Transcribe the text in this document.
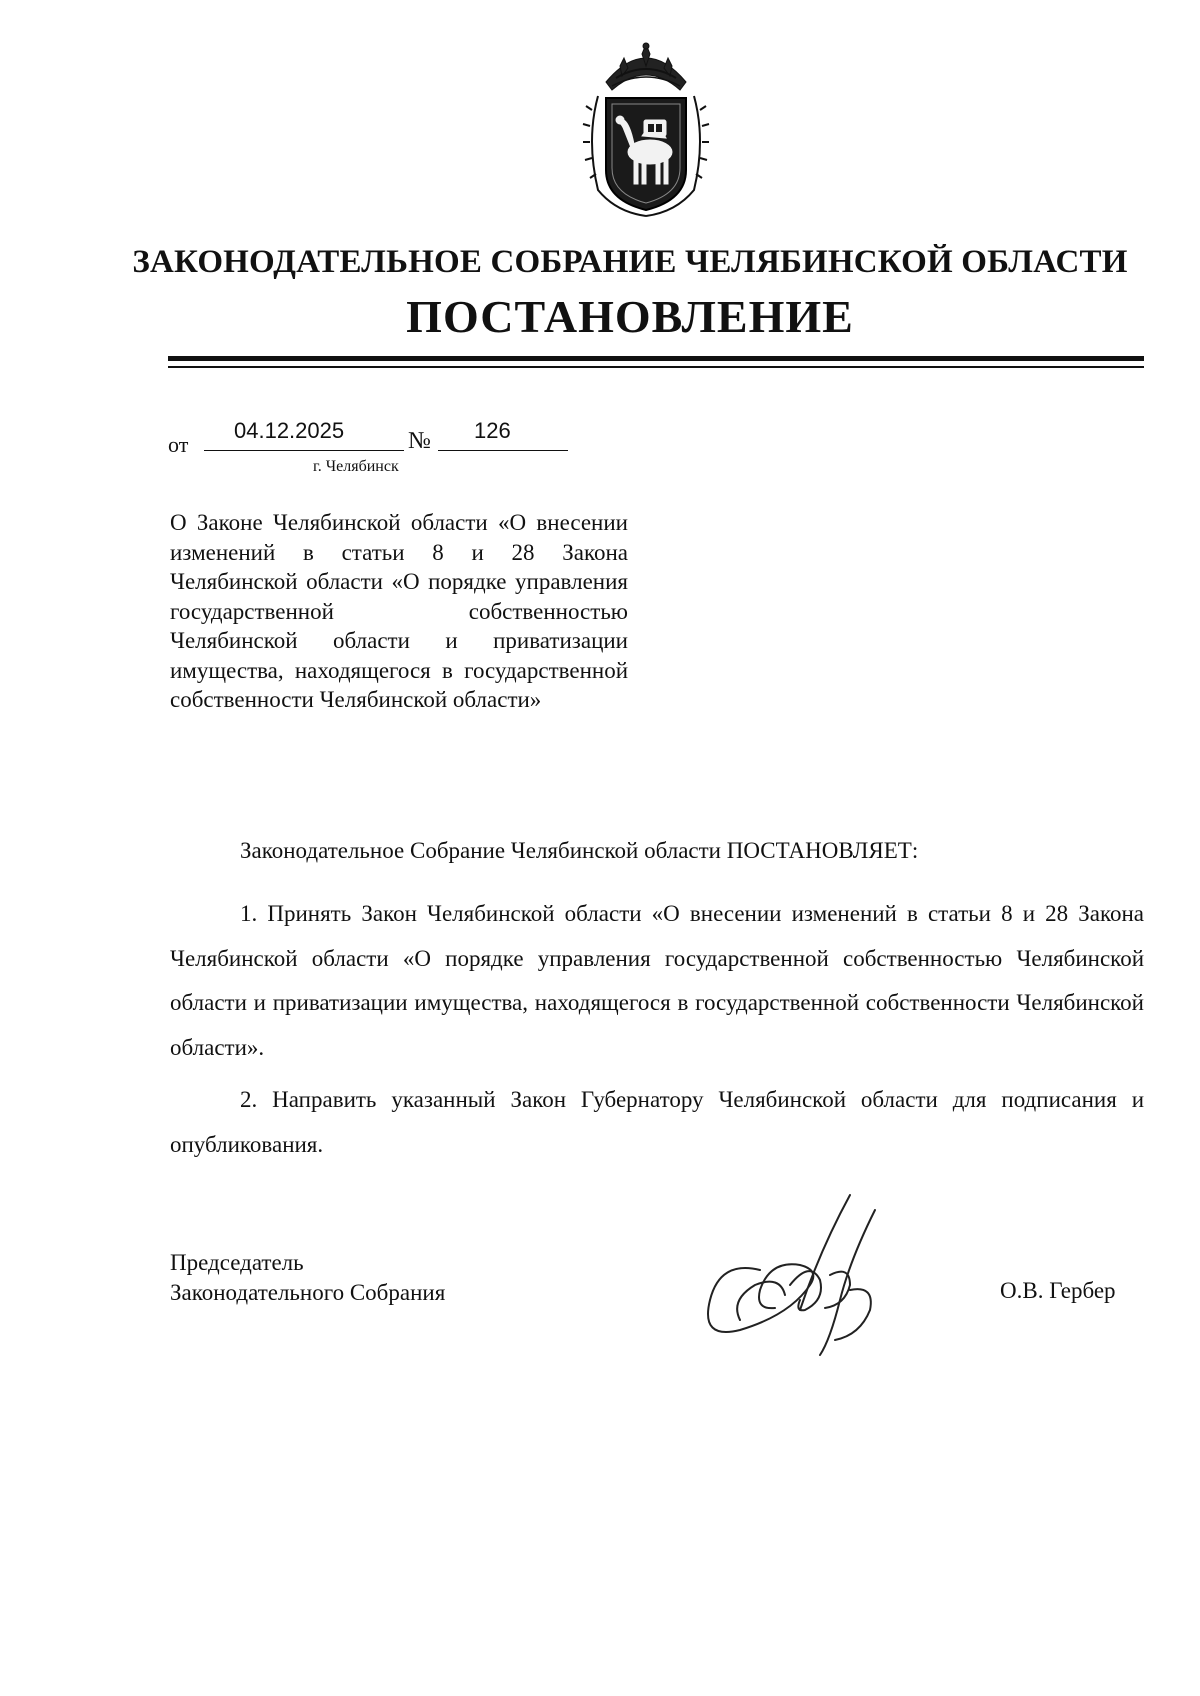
ЗАКОНОДАТЕЛЬНОЕ СОБРАНИЕ ЧЕЛЯБИНСКОЙ ОБЛАСТИ
ПОСТАНОВЛЕНИЕ
от
04.12.2025	№ 126
г. Челябинск
О Законе Челябинской области «О внесении изменений в статьи 8 и 28 Закона Челябинской области «О порядке управления государственной собственностью Челябинской области и приватизации имущества, находящегося в государственной собственности Челябинской области»
Законодательное Собрание Челябинской области ПОСТАНОВЛЯЕТ:

1. Принять Закон Челябинской области «О внесении изменений в статьи 8 и 28 Закона Челябинской области «О порядке управления государственной собственностью Челябинской области и приватизации имущества, находящегося в государственной собственности Челябинской области».

2. Направить указанный Закон Губернатору Челябинской области для подписания и опубликования.

Председатель
Законодательного Собрания	О.В. Гербер
